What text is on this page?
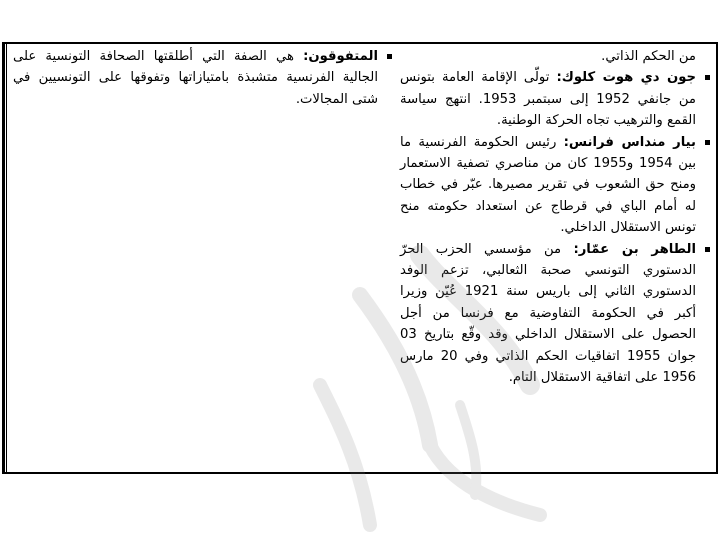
المتفوقون: هي الصفة التي أطلقتها الصحافة التونسية على الجالية الفرنسية متشبذة بامتيازاتها وتفوقها على التونسيين في شتى المجالات.
من الحكم الذاتي.
جون دي هوت كلوك: تولّى الإقامة العامة بتونس من جانفي 1952 إلى سبتمبر 1953. انتهج سياسة القمع والترهيب تجاه الحركة الوطنية.
بيار منداس فرانس: رئيس الحكومة الفرنسية ما بين 1954 و1955 كان من مناصري تصفية الاستعمار ومنح حق الشعوب في تقرير مصيرها. عبّر في خطاب له أمام الباي في قرطاج عن استعداد حكومته منح تونس الاستقلال الداخلي.
الطاهر بن عمّار: من مؤسسي الحزب الحرّ الدستوري التونسي صحبة الثعالبي، تزعم الوفد الدستوري الثاني إلى باريس سنة 1921 عُيّن وزيرا أكبر في الحكومة التفاوضية مع فرنسا من أجل الحصول على الاستقلال الداخلي وقد وقّع بتاريخ 03 جوان 1955 اتفاقيات الحكم الذاتي وفي 20 مارس 1956 على اتفاقية الاستقلال التام.
